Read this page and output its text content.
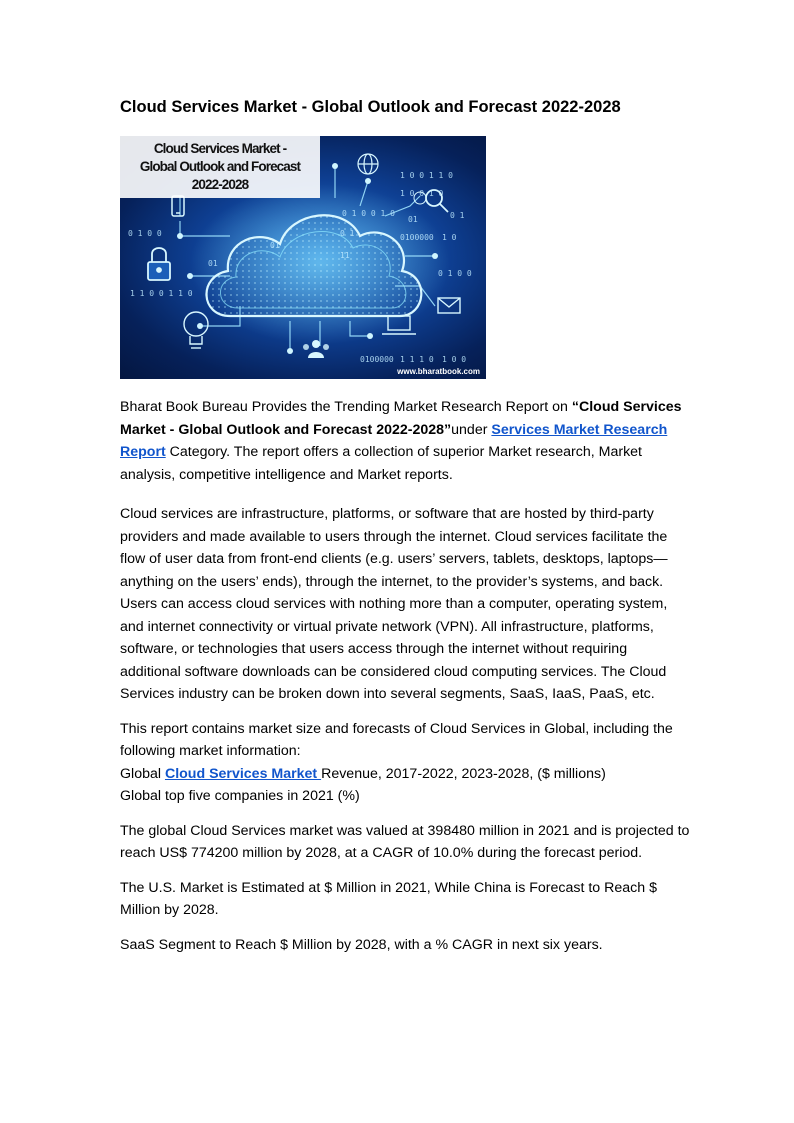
Cloud Services Market - Global Outlook and Forecast 2022-2028
0 1 0 0
01
1 1 0 0 1 1 0
1 0 0 1 1 0
1 0 0 1 0
0 1
01
0 1 0 0 1 0
0100000 1 0
0 1 0 0
0 1
11
0100000 1 1 1 0 1 0 0
01
Cloud Services Market -
Global Outlook and Forecast
2022-2028
www.bharatbook.com

Bharat Book Bureau Provides the Trending Market Research Report on “Cloud Services Market - Global Outlook and Forecast 2022-2028”under Services Market Research Report Category. The report offers a collection of superior Market research, Market analysis, competitive intelligence and Market reports.

Cloud services are infrastructure, platforms, or software that are hosted by third-party providers and made available to users through the internet. Cloud services facilitate the flow of user data from front-end clients (e.g. users’ servers, tablets, desktops, laptops—anything on the users’ ends), through the internet, to the provider’s systems, and back. Users can access cloud services with nothing more than a computer, operating system, and internet connectivity or virtual private network (VPN). All infrastructure, platforms, software, or technologies that users access through the internet without requiring additional software downloads can be considered cloud computing services. The Cloud Services industry can be broken down into several segments, SaaS, IaaS, PaaS, etc.

This report contains market size and forecasts of Cloud Services in Global, including the following market information:
Global Cloud Services Market Revenue, 2017-2022, 2023-2028, ($ millions)
Global top five companies in 2021 (%)

The global Cloud Services market was valued at 398480 million in 2021 and is projected to reach US$ 774200 million by 2028, at a CAGR of 10.0% during the forecast period.

The U.S. Market is Estimated at $ Million in 2021, While China is Forecast to Reach $ Million by 2028.

SaaS Segment to Reach $ Million by 2028, with a % CAGR in next six years.
